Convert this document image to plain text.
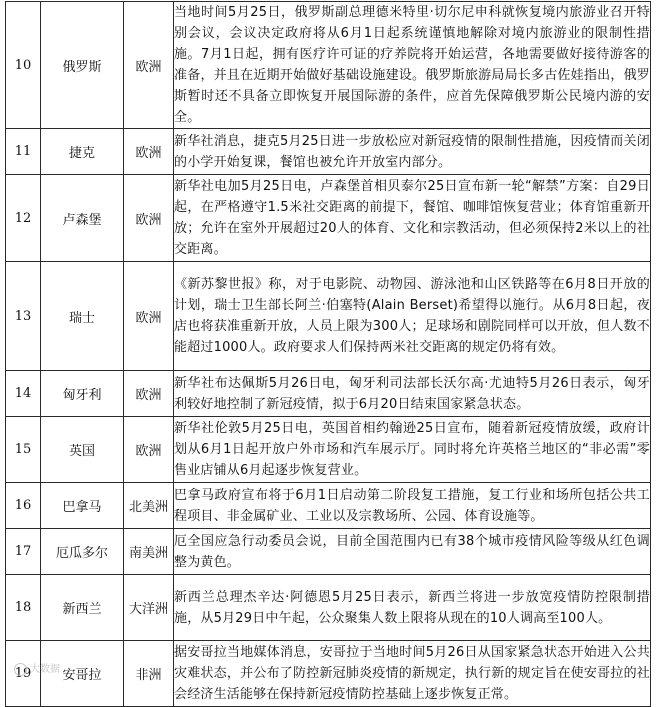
10	俄罗斯	欧洲	当地时间5月25日，俄罗斯副总理德米特里·切尔尼申科就恢复境内旅游业召开特别会议，会议决定政府将从6月1日起系统谨慎地解除对境内旅游业的限制性措施。7月1日起，拥有医疗许可证的疗养院将开始运营，各地需要做好接待游客的准备，并且在近期开始做好基础设施建设。俄罗斯旅游局局长多古佐娃指出，俄罗斯暂时还不具备立即恢复开展国际游的条件，应首先保障俄罗斯公民境内游的安全。
11	捷克	欧洲	新华社消息，捷克5月25日进一步放松应对新冠疫情的限制性措施，因疫情而关闭的小学开始复课，餐馆也被允许开放室内部分。
12	卢森堡	欧洲	新华社电加5月25日电，卢森堡首相贝泰尔25日宣布新一轮“解禁”方案：自29日起，在严格遵守1.5米社交距离的前提下，餐馆、咖啡馆恢复营业；体育馆重新开放；允许在室外开展超过20人的体育、文化和宗教活动，但必须保持2米以上的社交距离。
13	瑞士	欧洲	《新苏黎世报》称，对于电影院、动物园、游泳池和山区铁路等在6月8日开放的计划，瑞士卫生部长阿兰·伯塞特(Alain Berset)希望得以施行。从6月8日起，夜店也将获准重新开放，人员上限为300人；足球场和剧院同样可以开放，但人数不能超过1000人。政府要求人们保持两米社交距离的规定仍将有效。
14	匈牙利	欧洲	新华社布达佩斯5月26日电，匈牙利司法部长沃尔高·尤迪特5月26日表示，匈牙利较好地控制了新冠疫情，拟于6月20日结束国家紧急状态。
15	英国	欧洲	新华社伦敦5月25日电，英国首相约翰逊25日宣布，随着新冠疫情放缓，政府计划从6月1日起开放户外市场和汽车展示厅。同时将允许英格兰地区的“非必需”零售业店铺从6月起逐步恢复营业。
16	巴拿马	北美洲	巴拿马政府宣布将于6月1日启动第二阶段复工措施，复工行业和场所包括公共工程项目、非金属矿业、工业以及宗教场所、公园、体育设施等。
17	厄瓜多尔	南美洲	厄全国应急行动委员会说，目前全国范围内已有38个城市疫情风险等级从红色调整为黄色。
18	新西兰	大洋洲	新西兰总理杰辛达·阿德恩5月25日表示，新西兰将进一步放宽疫情防控限制措施，从5月29日中午起，公众聚集人数上限将从现在的10人调高至100人。
19	安哥拉	非洲	据安哥拉当地媒体消息，安哥拉于当地时间5月26日从国家紧急状态开始进入公共灾难状态，并公布了防控新冠肺炎疫情的新规定，执行新的规定旨在使安哥拉的社会经济生活能够在保持新冠疫情防控基础上逐步恢复正常。
大数据
